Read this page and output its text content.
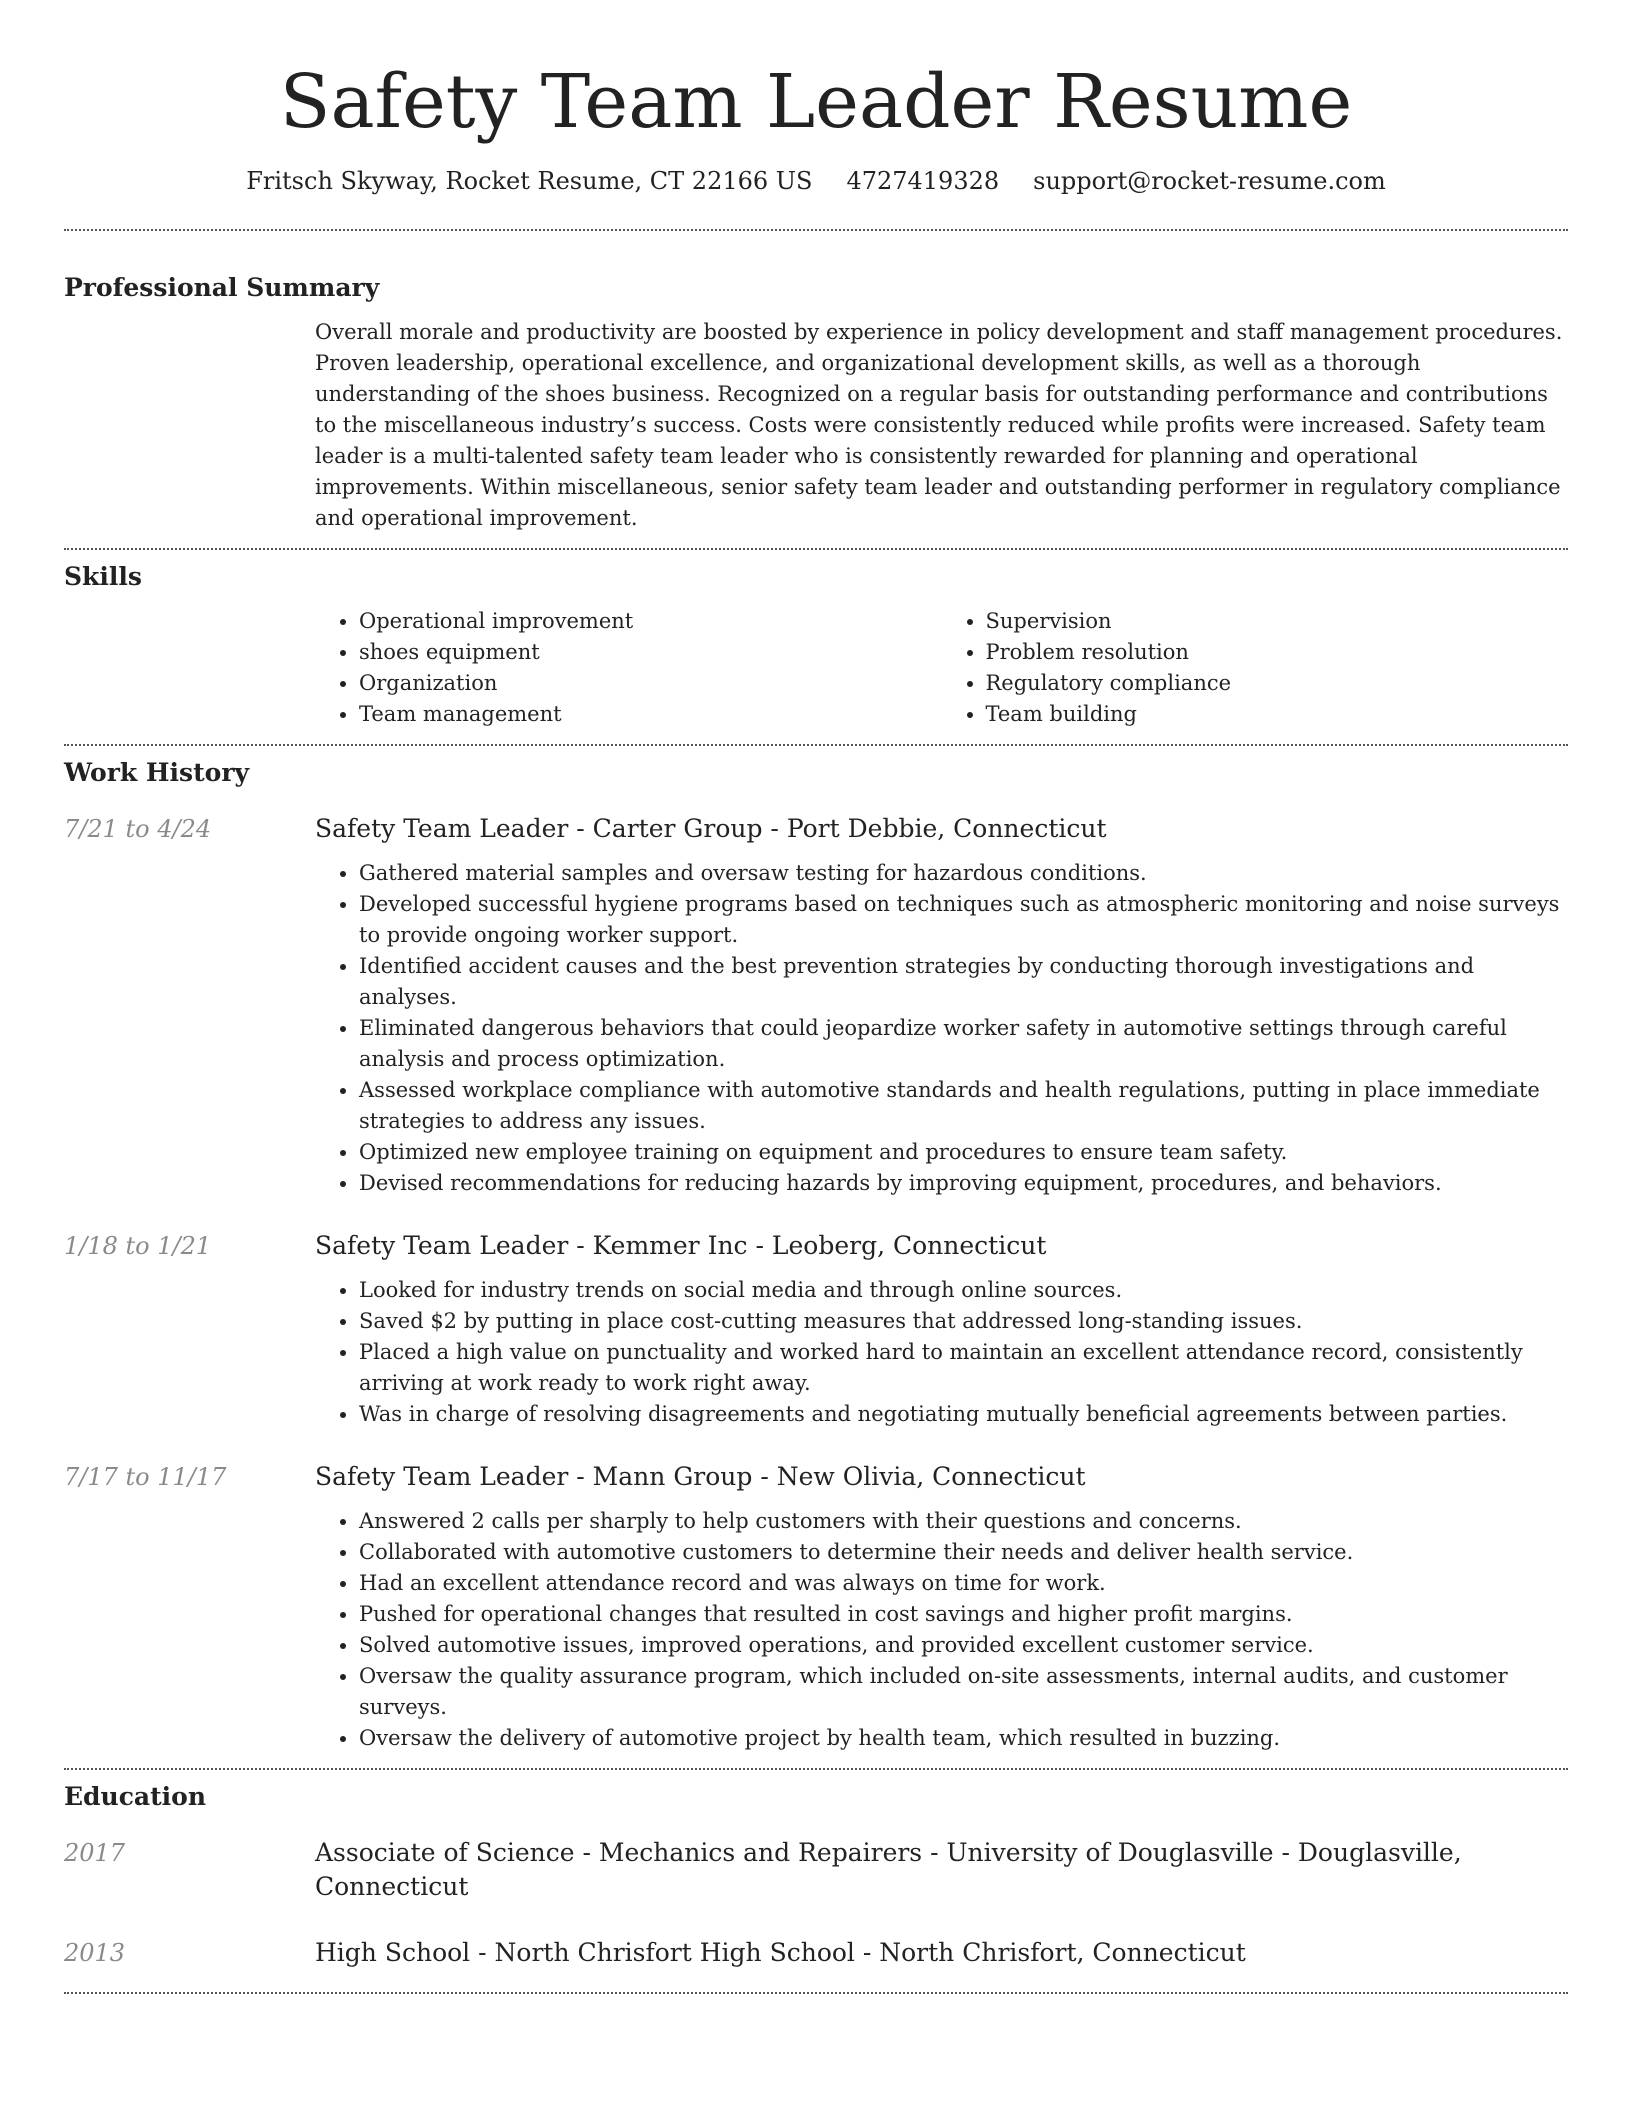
Safety Team Leader Resume
Fritsch Skyway, Rocket Resume, CT 22166 US 4727419328 support@rocket-resume.com
Professional Summary

Overall morale and productivity are boosted by experience in policy development and staff management procedures. Proven leadership, operational excellence, and organizational development skills, as well as a thorough understanding of the shoes business. Recognized on a regular basis for outstanding performance and contributions to the miscellaneous industry’s success. Costs were consistently reduced while profits were increased. Safety team leader is a multi-talented safety team leader who is consistently rewarded for planning and operational improvements. Within miscellaneous, senior safety team leader and outstanding performer in regulatory compliance and operational improvement.

Skills
• Operational improvement
• shoes equipment
• Organization
• Team management
• Supervision
• Problem resolution
• Regulatory compliance
• Team building
Work History
7/21 to 4/24	Safety Team Leader - Carter Group - Port Debbie, Connecticut
• Gathered material samples and oversaw testing for hazardous conditions.
• Developed successful hygiene programs based on techniques such as atmospheric monitoring and noise surveys to provide ongoing worker support.
• Identified accident causes and the best prevention strategies by conducting thorough investigations and analyses.
• Eliminated dangerous behaviors that could jeopardize worker safety in automotive settings through careful analysis and process optimization.
• Assessed workplace compliance with automotive standards and health regulations, putting in place immediate strategies to address any issues.
• Optimized new employee training on equipment and procedures to ensure team safety.
• Devised recommendations for reducing hazards by improving equipment, procedures, and behaviors.
1/18 to 1/21	Safety Team Leader - Kemmer Inc - Leoberg, Connecticut
• Looked for industry trends on social media and through online sources.
• Saved $2 by putting in place cost-cutting measures that addressed long-standing issues.
• Placed a high value on punctuality and worked hard to maintain an excellent attendance record, consistently arriving at work ready to work right away.
• Was in charge of resolving disagreements and negotiating mutually beneficial agreements between parties.
7/17 to 11/17	Safety Team Leader - Mann Group - New Olivia, Connecticut
• Answered 2 calls per sharply to help customers with their questions and concerns.
• Collaborated with automotive customers to determine their needs and deliver health service.
• Had an excellent attendance record and was always on time for work.
• Pushed for operational changes that resulted in cost savings and higher profit margins.
• Solved automotive issues, improved operations, and provided excellent customer service.
• Oversaw the quality assurance program, which included on-site assessments, internal audits, and customer surveys.
• Oversaw the delivery of automotive project by health team, which resulted in buzzing.
Education
2017	Associate of Science - Mechanics and Repairers - University of Douglasville - Douglasville, Connecticut
2013	High School - North Chrisfort High School - North Chrisfort, Connecticut
